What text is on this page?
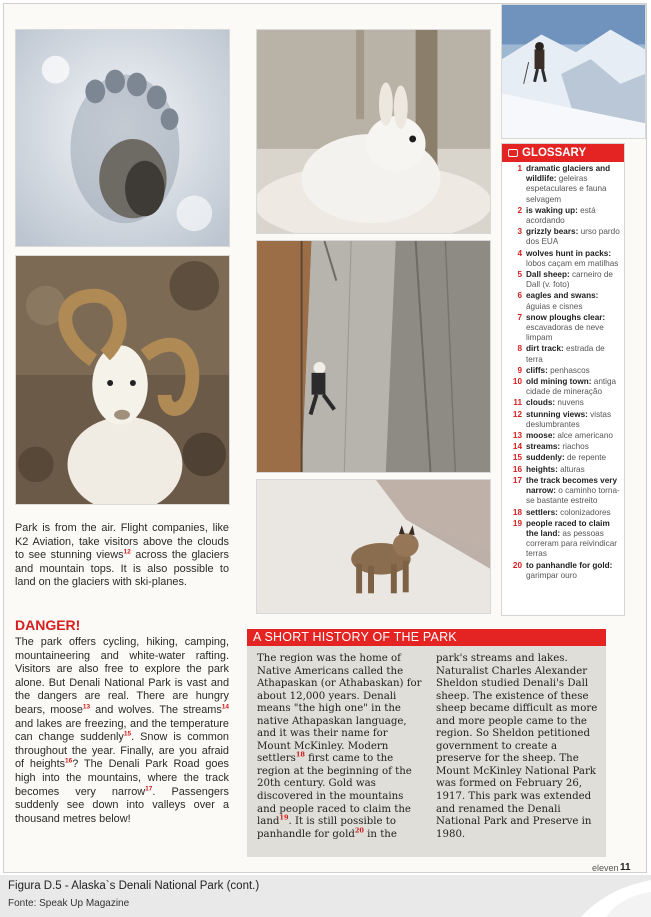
Park is from the air. Flight companies, like K2 Aviation, take visitors above the clouds to see stunning views$^{12}$ across the glaciers and mountain tops. It is also possible to land on the glaciers with ski-planes.

DANGER!

The park offers cycling, hiking, camping, mountaineering and white-water rafting. Visitors are also free to explore the park alone. But Denali National Park is vast and the dangers are real. There are hungry bears, moose$^{13}$ and wolves. The streams$^{14}$ and lakes are freezing, and the temperature can change suddenly$^{15}$. Snow is common throughout the year. Finally, are you afraid of heights$^{16}$? The Denali Park Road goes high into the mountains, where the track becomes very narrow$^{17}$. Passengers suddenly see down into valleys over a thousand metres below!

GLOSSARY
1 dramatic glaciers and wildlife: geleiras espetaculares e fauna selvagem
2 is waking up: está acordando
3 grizzly bears: urso pardo dos EUA
4 wolves hunt in packs: lobos caçam em matilhas
5 Dall sheep: carneiro de Dall (v. foto)
6 eagles and swans: águias e cisnes
7 snow ploughs clear: escavadoras de neve limpam
8 dirt track: estrada de terra
9 cliffs: penhascos
10 old mining town: antiga cidade de mineração
11 clouds: nuvens
12 stunning views: vistas deslumbrantes
13 moose: alce americano
14 streams: riachos
15 suddenly: de repente
16 heights: alturas
17 the track becomes very narrow: o caminho torna-se bastante estreito
18 settlers: colonizadores
19 people raced to claim the land: as pessoas correram para reivindicar terras
20 to panhandle for gold: garimpar ouro
A SHORT HISTORY OF THE PARK

The region was the home of Native Americans called the Athapaskan (or Athabaskan) for about 12,000 years. Denali means "the high one" in the native Athapaskan language, and it was their name for Mount McKinley. Modern settlers$^{18}$ first came to the region at the beginning of the 20th century. Gold was discovered in the mountains and people raced to claim the land$^{19}$. It is still possible to panhandle for gold$^{20}$ in the park's streams and lakes. Naturalist Charles Alexander Sheldon studied Denali's Dall sheep. The existence of these sheep became difficult as more and more people came to the region. So Sheldon petitioned government to create a preserve for the sheep. The Mount McKinley National Park was formed on February 26, 1917. This park was extended and renamed the Denali National Park and Preserve in 1980.

eleven 11

Figura D.5 - Alaska`s Denali National Park (cont.)

Fonte: Speak Up Magazine
